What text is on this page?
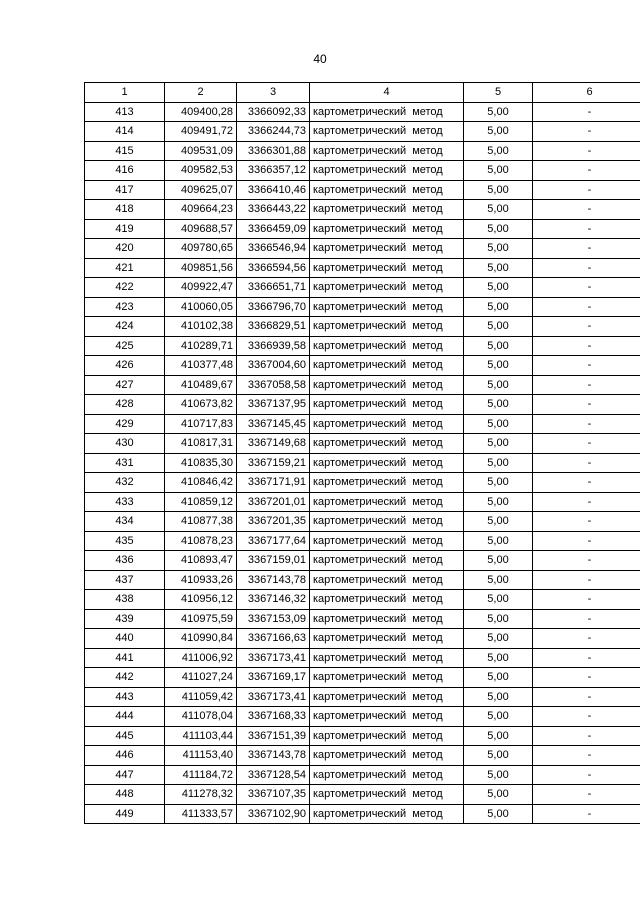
40
1	2	3	4	5	6
413	409400,28	3366092,33	картометрический метод	5,00	-
414	409491,72	3366244,73	картометрический метод	5,00	-
415	409531,09	3366301,88	картометрический метод	5,00	-
416	409582,53	3366357,12	картометрический метод	5,00	-
417	409625,07	3366410,46	картометрический метод	5,00	-
418	409664,23	3366443,22	картометрический метод	5,00	-
419	409688,57	3366459,09	картометрический метод	5,00	-
420	409780,65	3366546,94	картометрический метод	5,00	-
421	409851,56	3366594,56	картометрический метод	5,00	-
422	409922,47	3366651,71	картометрический метод	5,00	-
423	410060,05	3366796,70	картометрический метод	5,00	-
424	410102,38	3366829,51	картометрический метод	5,00	-
425	410289,71	3366939,58	картометрический метод	5,00	-
426	410377,48	3367004,60	картометрический метод	5,00	-
427	410489,67	3367058,58	картометрический метод	5,00	-
428	410673,82	3367137,95	картометрический метод	5,00	-
429	410717,83	3367145,45	картометрический метод	5,00	-
430	410817,31	3367149,68	картометрический метод	5,00	-
431	410835,30	3367159,21	картометрический метод	5,00	-
432	410846,42	3367171,91	картометрический метод	5,00	-
433	410859,12	3367201,01	картометрический метод	5,00	-
434	410877,38	3367201,35	картометрический метод	5,00	-
435	410878,23	3367177,64	картометрический метод	5,00	-
436	410893,47	3367159,01	картометрический метод	5,00	-
437	410933,26	3367143,78	картометрический метод	5,00	-
438	410956,12	3367146,32	картометрический метод	5,00	-
439	410975,59	3367153,09	картометрический метод	5,00	-
440	410990,84	3367166,63	картометрический метод	5,00	-
441	411006,92	3367173,41	картометрический метод	5,00	-
442	411027,24	3367169,17	картометрический метод	5,00	-
443	411059,42	3367173,41	картометрический метод	5,00	-
444	411078,04	3367168,33	картометрический метод	5,00	-
445	411103,44	3367151,39	картометрический метод	5,00	-
446	411153,40	3367143,78	картометрический метод	5,00	-
447	411184,72	3367128,54	картометрический метод	5,00	-
448	411278,32	3367107,35	картометрический метод	5,00	-
449	411333,57	3367102,90	картометрический метод	5,00	-
